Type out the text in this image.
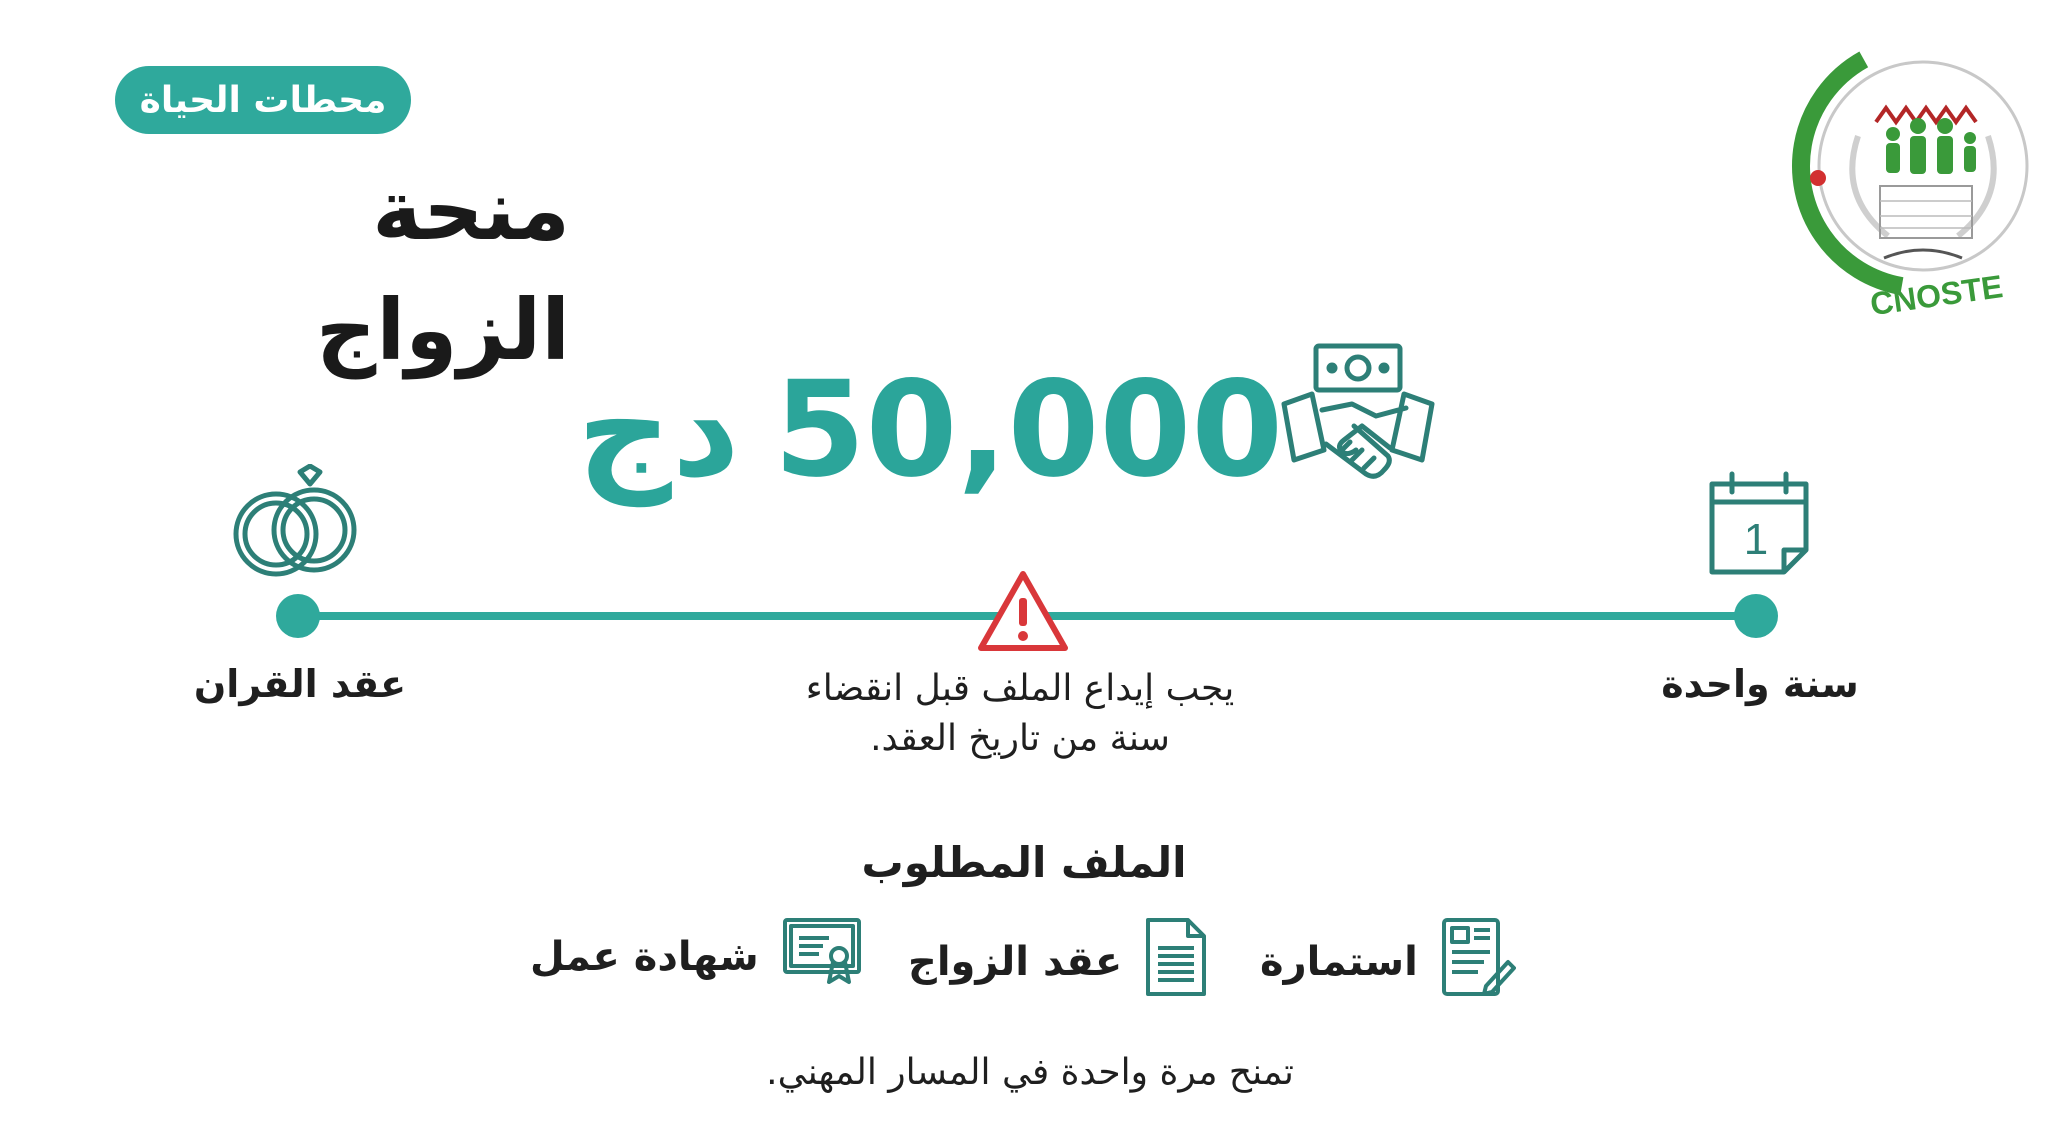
محطات الحياة
منحة الزواج	CNOSTE
دج 50,000
1
عقد القران	سنة واحدة
يجب إيداع الملف قبل انقضاء
سنة من تاريخ العقد.
الملف المطلوب
استمارة
عقد الزواج
شهادة عمل
تمنح مرة واحدة في المسار المهني.
